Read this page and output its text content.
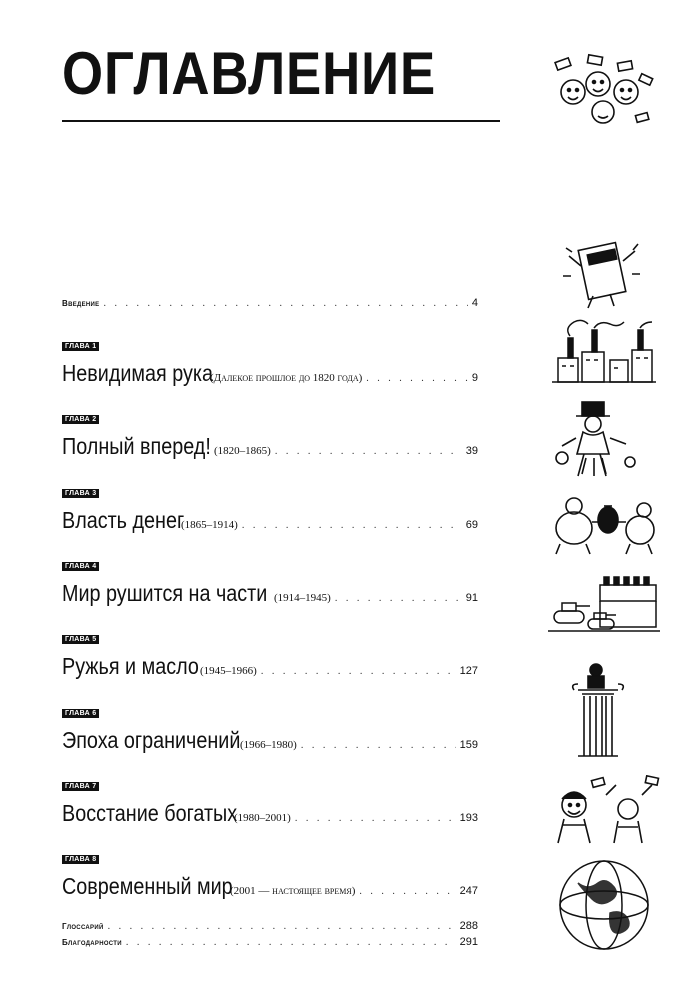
ОГЛАВЛЕНИЕ
Введение . . .	4
ГЛАВА 1
Невидимая рука
(Далекое прошлое до 1820 года) . . .	9
ГЛАВА 2
Полный вперед! (1820–1865) . . .	39
ГЛАВА 3
Власть денег
(1865–1914) . . .	69
ГЛАВА 4
Мир рушится на части (1914–1945) . . .	91
ГЛАВА 5
Ружья и масло (1945–1966) . . .	127
ГЛАВА 6
Эпоха ограничений (1966–1980) . . .	159
ГЛАВА 7
Восстание богатых
(1980–2001) . . .	193
ГЛАВА 8
Современный мир
(2001 — настоящее время) . . .	247
Глоссарий . . .	288
Благодарности . . .	291
